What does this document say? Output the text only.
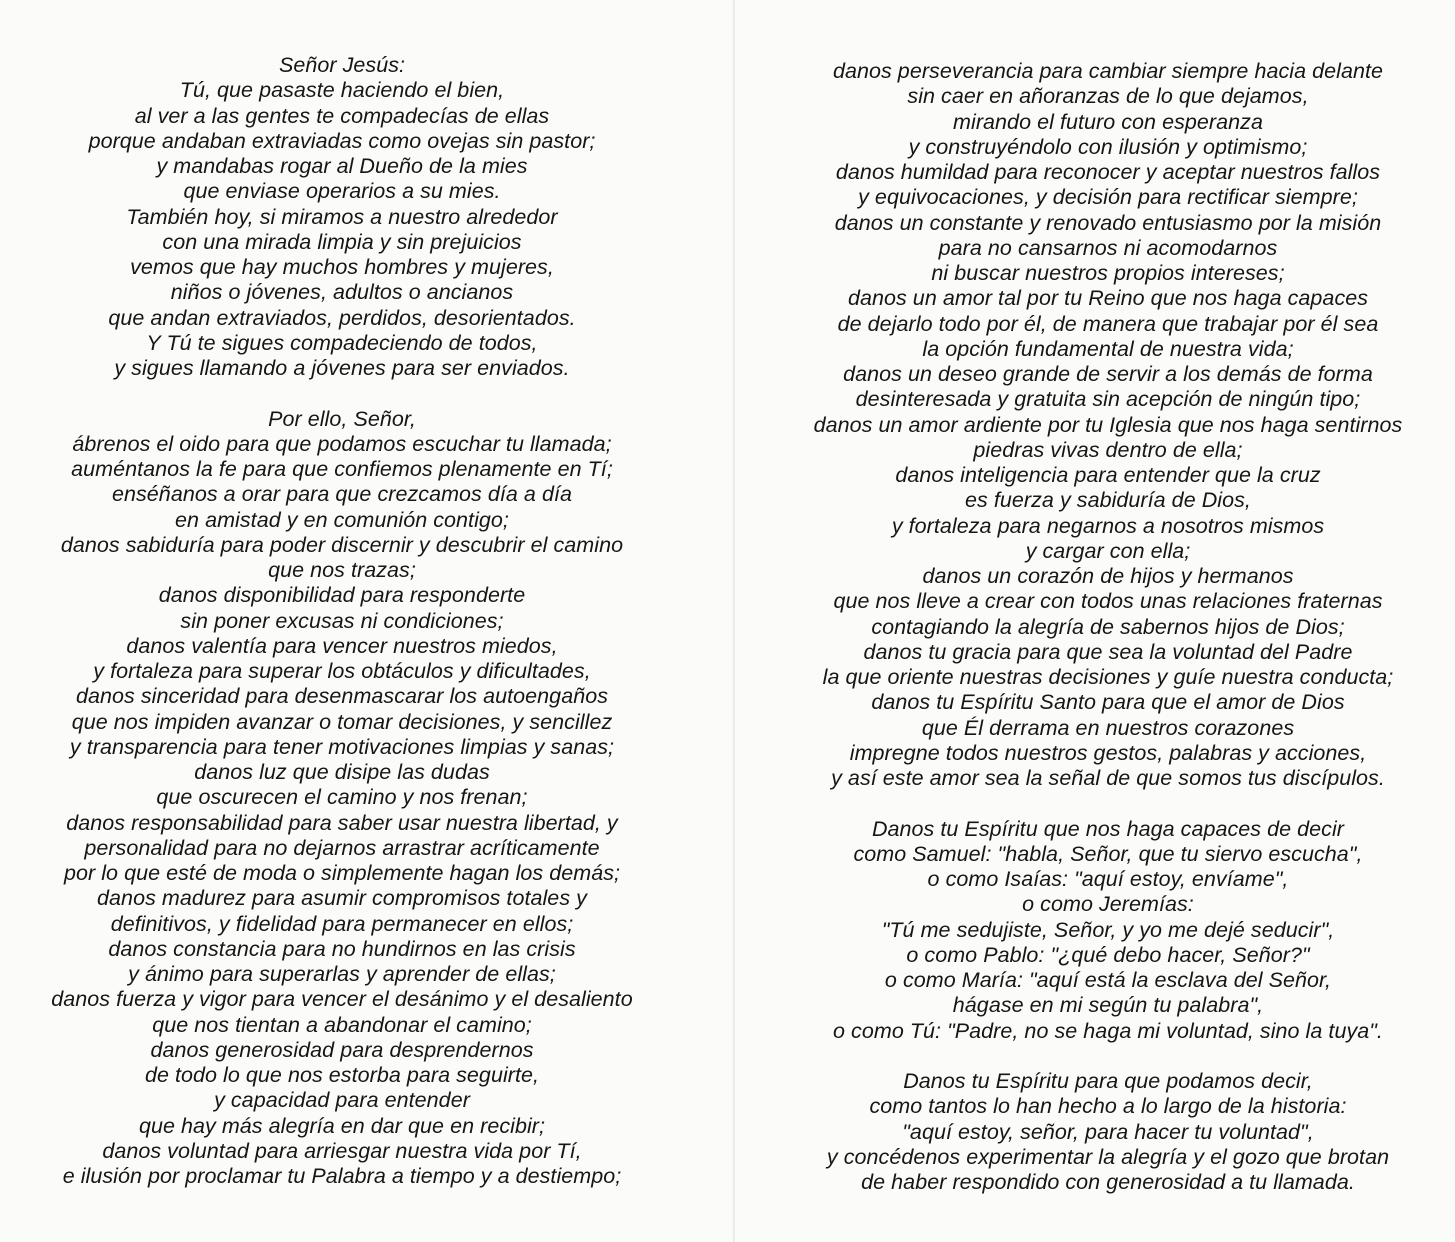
Señor Jesús:
Tú, que pasaste haciendo el bien,
al ver a las gentes te compadecías de ellas
porque andaban extraviadas como ovejas sin pastor;
y mandabas rogar al Dueño de la mies
que enviase operarios a su mies.
También hoy, si miramos a nuestro alrededor
con una mirada limpia y sin prejuicios
vemos que hay muchos hombres y mujeres,
niños o jóvenes, adultos o ancianos
que andan extraviados, perdidos, desorientados.
Y Tú te sigues compadeciendo de todos,
y sigues llamando a jóvenes para ser enviados.
Por ello, Señor,
ábrenos el oido para que podamos escuchar tu llamada;
auméntanos la fe para que confiemos plenamente en Tí;
enséñanos a orar para que crezcamos día a día
en amistad y en comunión contigo;
danos sabiduría para poder discernir y descubrir el camino
que nos trazas;
danos disponibilidad para responderte
sin poner excusas ni condiciones;
danos valentía para vencer nuestros miedos,
y fortaleza para superar los obtáculos y dificultades,
danos sinceridad para desenmascarar los autoengaños
que nos impiden avanzar o tomar decisiones, y sencillez
y transparencia para tener motivaciones limpias y sanas;
danos luz que disipe las dudas
que oscurecen el camino y nos frenan;
danos responsabilidad para saber usar nuestra libertad, y
personalidad para no dejarnos arrastrar acríticamente
por lo que esté de moda o simplemente hagan los demás;
danos madurez para asumir compromisos totales y
definitivos, y fidelidad para permanecer en ellos;
danos constancia para no hundirnos en las crisis
y ánimo para superarlas y aprender de ellas;
danos fuerza y vigor para vencer el desánimo y el desaliento
que nos tientan a abandonar el camino;
danos generosidad para desprendernos
de todo lo que nos estorba para seguirte,
y capacidad para entender
que hay más alegría en dar que en recibir;
danos voluntad para arriesgar nuestra vida por Tí,
e ilusión por proclamar tu Palabra a tiempo y a destiempo;
danos perseverancia para cambiar siempre hacia delante
sin caer en añoranzas de lo que dejamos,
mirando el futuro con esperanza
y construyéndolo con ilusión y optimismo;
danos humildad para reconocer y aceptar nuestros fallos
y equivocaciones, y decisión para rectificar siempre;
danos un constante y renovado entusiasmo por la misión
para no cansarnos ni acomodarnos
ni buscar nuestros propios intereses;
danos un amor tal por tu Reino que nos haga capaces
de dejarlo todo por él, de manera que trabajar por él sea
la opción fundamental de nuestra vida;
danos un deseo grande de servir a los demás de forma
desinteresada y gratuita sin acepción de ningún tipo;
danos un amor ardiente por tu Iglesia que nos haga sentirnos
piedras vivas dentro de ella;
danos inteligencia para entender que la cruz
es fuerza y sabiduría de Dios,
y fortaleza para negarnos a nosotros mismos
y cargar con ella;
danos un corazón de hijos y hermanos
que nos lleve a crear con todos unas relaciones fraternas
contagiando la alegría de sabernos hijos de Dios;
danos tu gracia para que sea la voluntad del Padre
la que oriente nuestras decisiones y guíe nuestra conducta;
danos tu Espíritu Santo para que el amor de Dios
que Él derrama en nuestros corazones
impregne todos nuestros gestos, palabras y acciones,
y así este amor sea la señal de que somos tus discípulos.
Danos tu Espíritu que nos haga capaces de decir
como Samuel: "habla, Señor, que tu siervo escucha",
o como Isaías: "aquí estoy, envíame",
o como Jeremías:
"Tú me sedujiste, Señor, y yo me dejé seducir",
o como Pablo: "¿qué debo hacer, Señor?"
o como María: "aquí está la esclava del Señor,
hágase en mi según tu palabra",
o como Tú: "Padre, no se haga mi voluntad, sino la tuya".
Danos tu Espíritu para que podamos decir,
como tantos lo han hecho a lo largo de la historia:
"aquí estoy, señor, para hacer tu voluntad",
y concédenos experimentar la alegría y el gozo que brotan
de haber respondido con generosidad a tu llamada.
